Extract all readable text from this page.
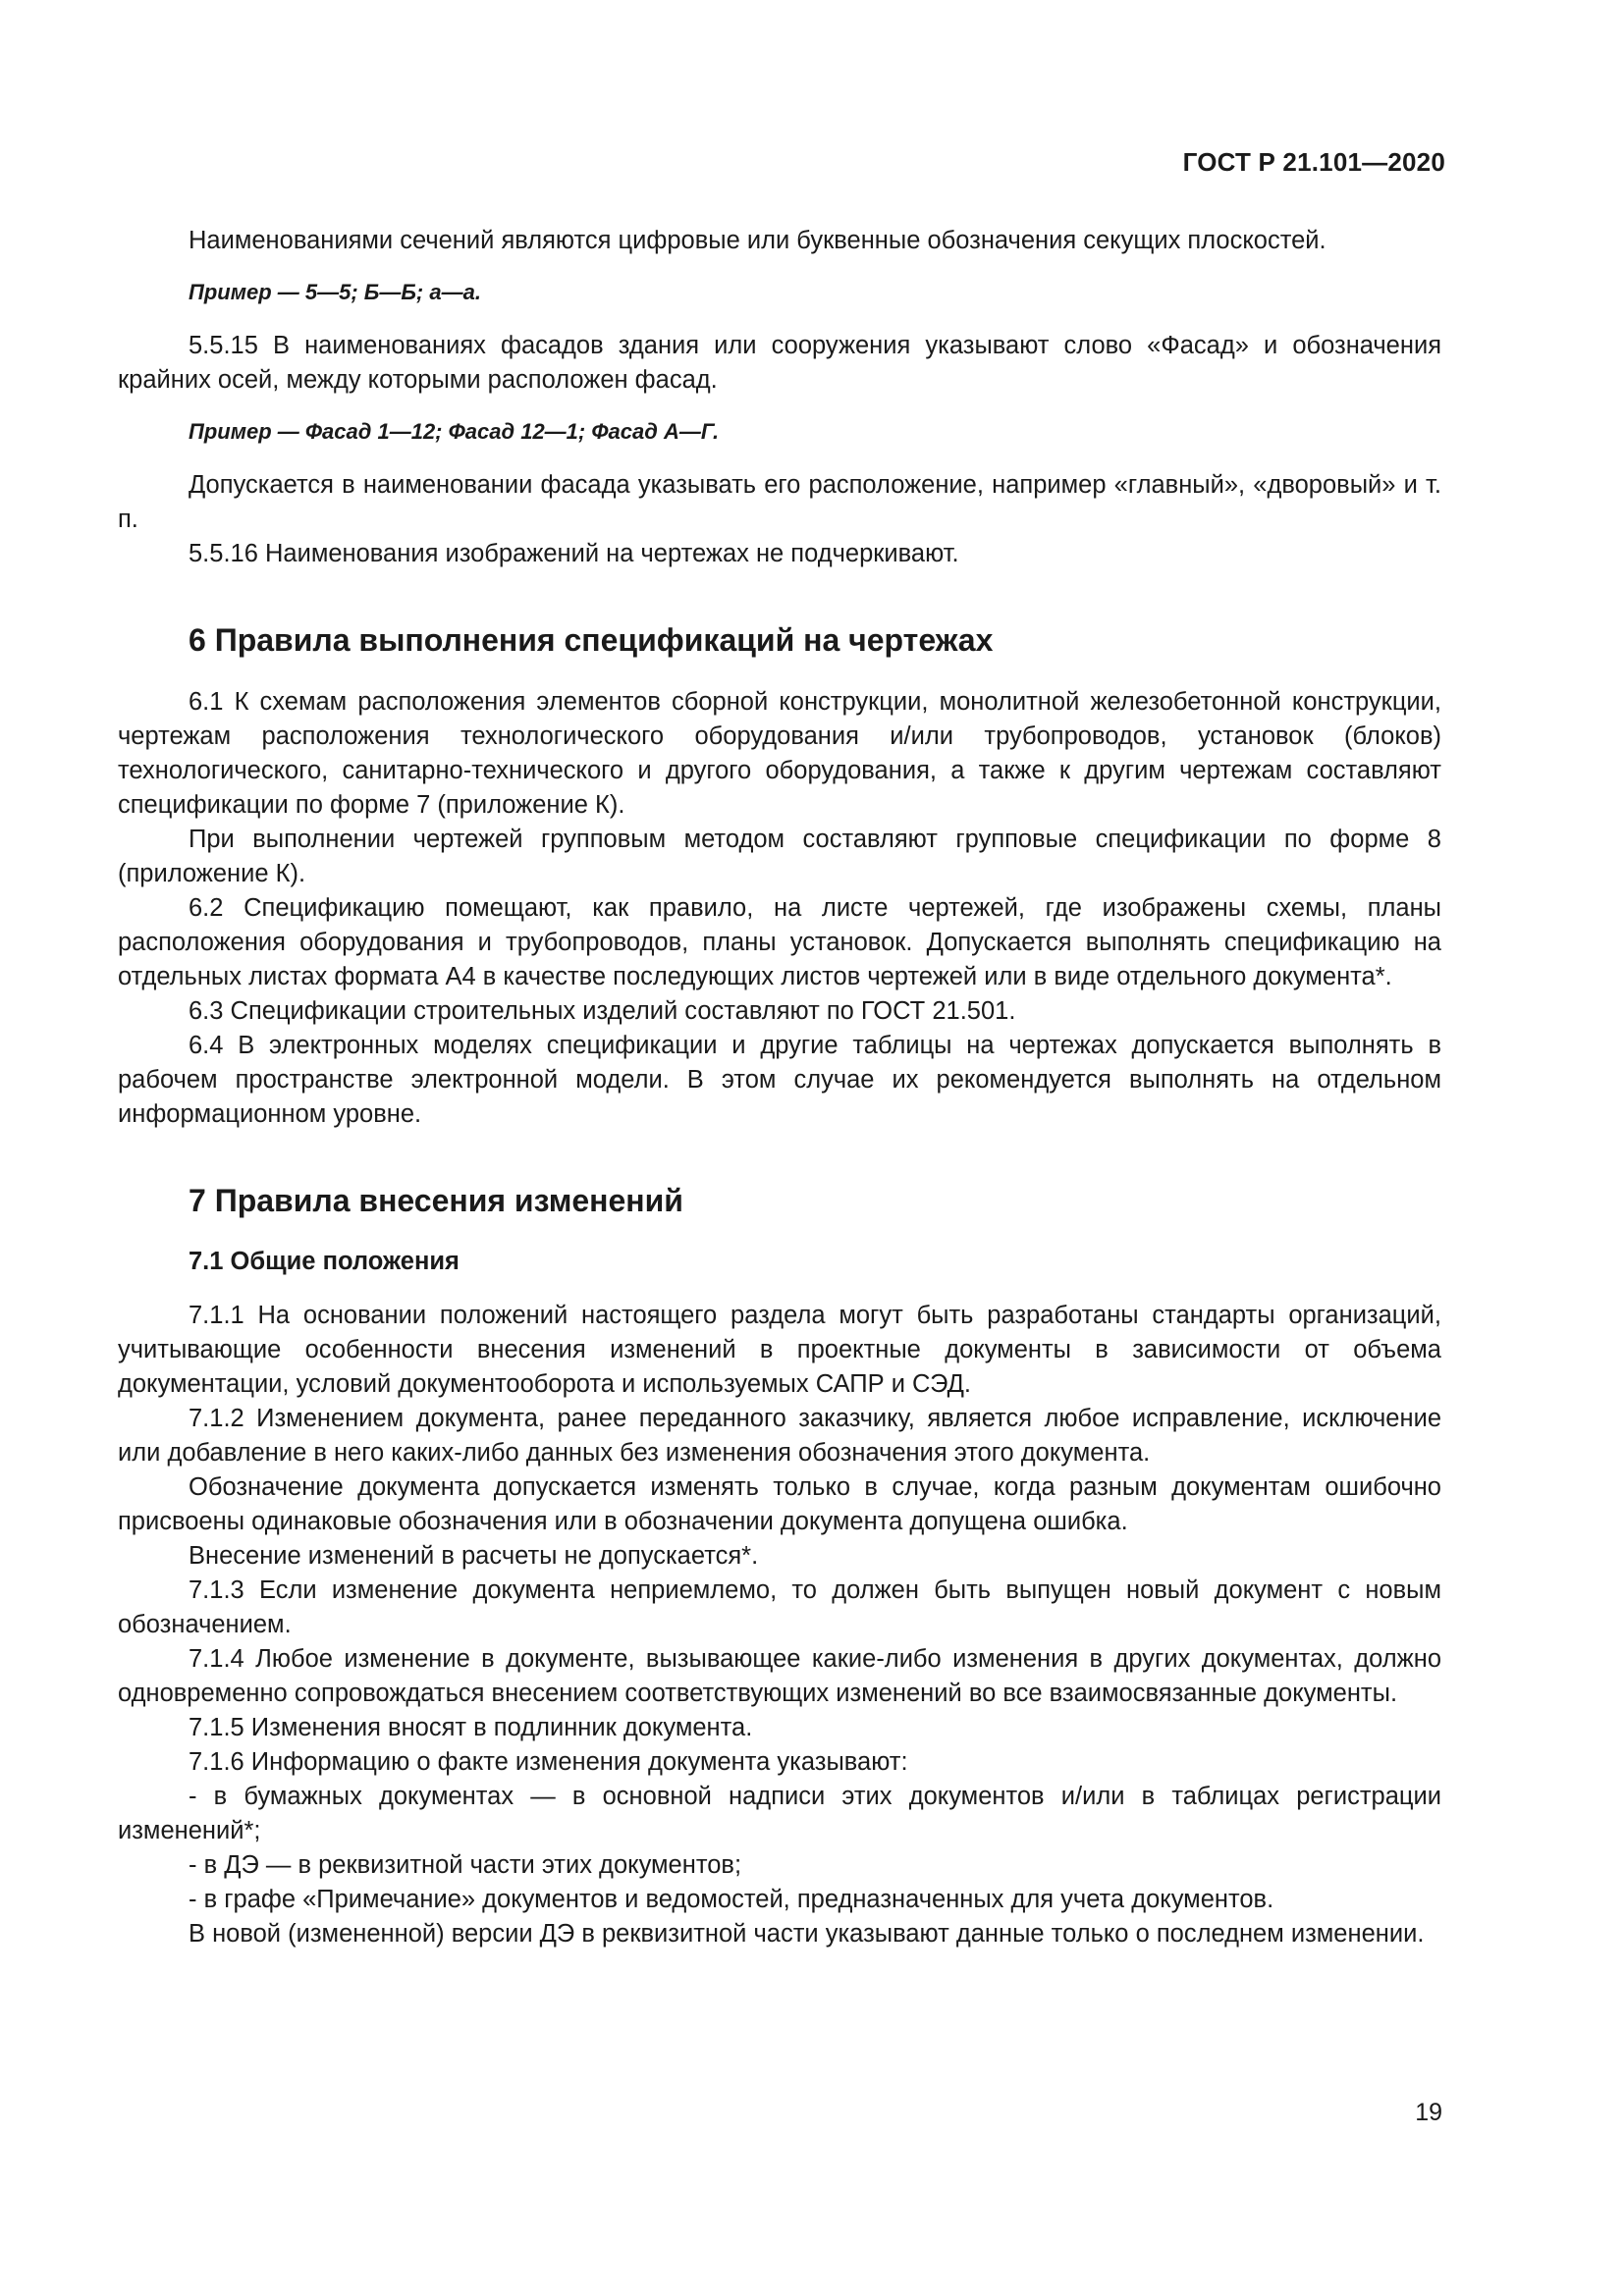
ГОСТ Р 21.101—2020

Наименованиями сечений являются цифровые или буквенные обозначения секущих плоскостей.

Пример — 5—5; Б—Б; а—а.

5.5.15 В наименованиях фасадов здания или сооружения указывают слово «Фасад» и обозначения крайних осей, между которыми расположен фасад.

Пример — Фасад 1—12; Фасад 12—1; Фасад А—Г.

Допускается в наименовании фасада указывать его расположение, например «главный», «дворовый» и т. п.

5.5.16 Наименования изображений на чертежах не подчеркивают.

6 Правила выполнения спецификаций на чертежах

6.1 К схемам расположения элементов сборной конструкции, монолитной железобетонной конструкции, чертежам расположения технологического оборудования и/или трубопроводов, установок (блоков) технологического, санитарно-технического и другого оборудования, а также к другим чертежам составляют спецификации по форме 7 (приложение К).

При выполнении чертежей групповым методом составляют групповые спецификации по форме 8 (приложение К).

6.2 Спецификацию помещают, как правило, на листе чертежей, где изображены схемы, планы расположения оборудования и трубопроводов, планы установок. Допускается выполнять спецификацию на отдельных листах формата А4 в качестве последующих листов чертежей или в виде отдельного документа*.

6.3 Спецификации строительных изделий составляют по ГОСТ 21.501.

6.4 В электронных моделях спецификации и другие таблицы на чертежах допускается выполнять в рабочем пространстве электронной модели. В этом случае их рекомендуется выполнять на отдельном информационном уровне.

7 Правила внесения изменений
7.1 Общие положения

7.1.1 На основании положений настоящего раздела могут быть разработаны стандарты организаций, учитывающие особенности внесения изменений в проектные документы в зависимости от объема документации, условий документооборота и используемых САПР и СЭД.

7.1.2 Изменением документа, ранее переданного заказчику, является любое исправление, исключение или добавление в него каких-либо данных без изменения обозначения этого документа.

Обозначение документа допускается изменять только в случае, когда разным документам ошибочно присвоены одинаковые обозначения или в обозначении документа допущена ошибка.

Внесение изменений в расчеты не допускается*.

7.1.3 Если изменение документа неприемлемо, то должен быть выпущен новый документ с новым обозначением.

7.1.4 Любое изменение в документе, вызывающее какие-либо изменения в других документах, должно одновременно сопровождаться внесением соответствующих изменений во все взаимосвязанные документы.

7.1.5 Изменения вносят в подлинник документа.

7.1.6 Информацию о факте изменения документа указывают:

- в бумажных документах — в основной надписи этих документов и/или в таблицах регистрации изменений*;

- в ДЭ — в реквизитной части этих документов;

- в графе «Примечание» документов и ведомостей, предназначенных для учета документов.

В новой (измененной) версии ДЭ в реквизитной части указывают данные только о последнем изменении.

19
